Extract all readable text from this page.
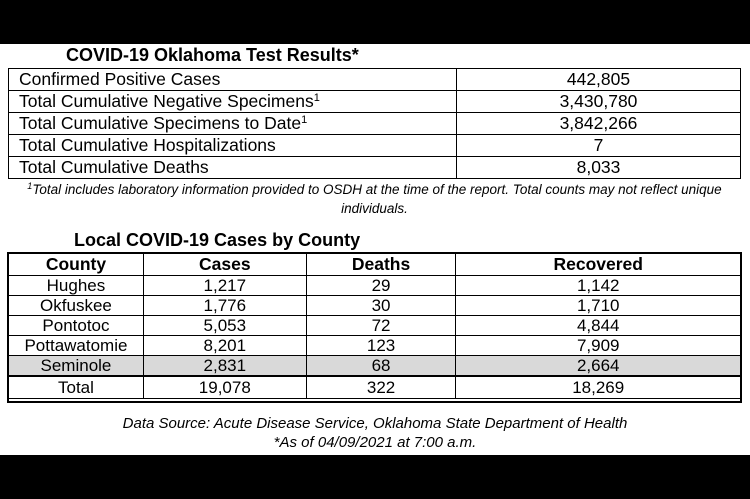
COVID-19 Oklahoma Test Results*
Confirmed Positive Cases	442,805
Total Cumulative Negative Specimens$^1$	3,430,780
Total Cumulative Specimens to Date$^1$	3,842,266
Total Cumulative Hospitalizations	7
Total Cumulative Deaths	8,033
$^1$Total includes laboratory information provided to OSDH at the time of the report. Total counts may not reflect unique individuals.
Local COVID-19 Cases by County
County	Cases	Deaths	Recovered
Hughes	1,217	29	1,142
Okfuskee	1,776	30	1,710
Pontotoc	5,053	72	4,844
Pottawatomie	8,201	123	7,909
Seminole	2,831	68	2,664
Total	19,078	322	18,269
Data Source: Acute Disease Service, Oklahoma State Department of Health
*As of 04/09/2021 at 7:00 a.m.
